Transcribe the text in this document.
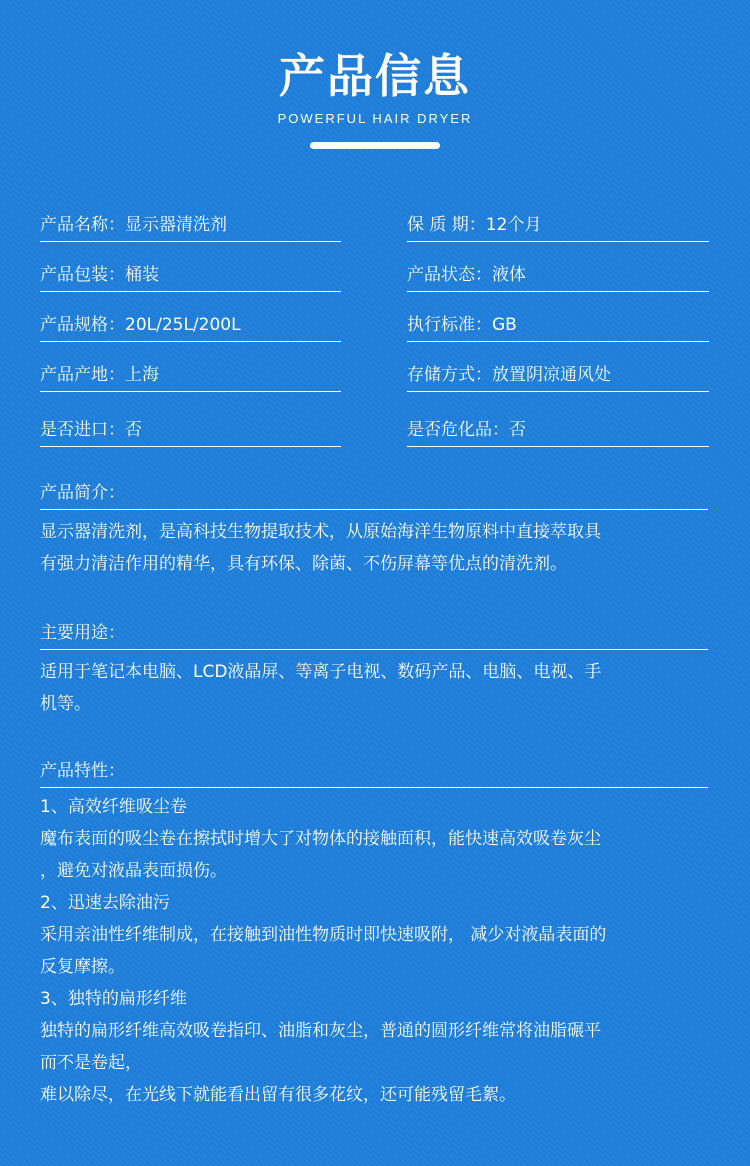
产品信息
POWERFUL HAIR DRYER
产品名称：显示器清洗剂
产品包装：桶装
产品规格：20L/25L/200L
产品产地：上海
是否进口：否
保 质 期：12个月
产品状态：液体
执行标准：GB
存储方式：放置阴凉通风处
是否危化品：否
产品简介：
显示器清洗剂，是高科技生物提取技术，从原始海洋生物原料中直接萃取具
有强力清洁作用的精华，具有环保、除菌、不伤屏幕等优点的清洗剂。
主要用途：
适用于笔记本电脑、LCD液晶屏、等离子电视、数码产品、电脑、电视、手
机等。
产品特性：
1、高效纤维吸尘卷
魔布表面的吸尘卷在擦拭时增大了对物体的接触面积，能快速高效吸卷灰尘
，避免对液晶表面损伤。
2、迅速去除油污
采用亲油性纤维制成，在接触到油性物质时即快速吸附， 减少对液晶表面的
反复摩擦。
3、独特的扁形纤维
独特的扁形纤维高效吸卷指印、油脂和灰尘，普通的圆形纤维常将油脂碾平
而不是卷起，
难以除尽，在光线下就能看出留有很多花纹，还可能残留毛絮。
